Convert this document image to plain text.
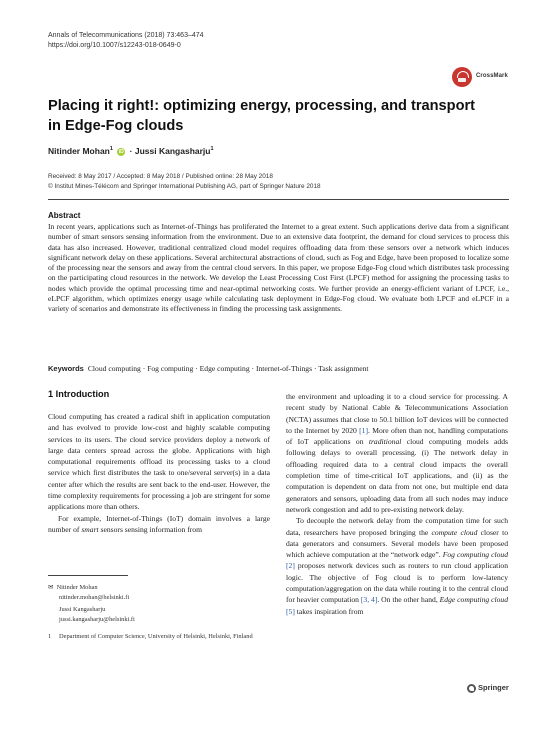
Annals of Telecommunications (2018) 73:463–474
https://doi.org/10.1007/s12243-018-0649-0
CrossMark
Placing it right!: optimizing energy, processing, and transport in Edge-Fog clouds
Nitinder Mohan$^1$ iD · Jussi Kangasharju$^1$
Received: 8 May 2017 / Accepted: 8 May 2018 / Published online: 28 May 2018
© Institut Mines-Télécom and Springer International Publishing AG, part of Springer Nature 2018
Abstract
In recent years, applications such as Internet-of-Things has proliferated the Internet to a great extent. Such applications derive data from a significant number of smart sensors sensing information from the environment. Due to an extensive data footprint, the demand for cloud services to process this data has also increased. However, traditional centralized cloud model requires offloading data from these sensors over a network which induces significant network delay on these applications. Several architectural abstractions of cloud, such as Fog and Edge, have been proposed to localize some of the processing near the sensors and away from the central cloud servers. In this paper, we propose Edge-Fog cloud which distributes task processing on the participating cloud resources in the network. We develop the Least Processing Cost First (LPCF) method for assigning the processing tasks to nodes which provide the optimal processing time and near-optimal networking costs. We further provide an energy-efficient variant of LPCF, i.e., eLPCF algorithm, which optimizes energy usage while calculating task deployment in Edge-Fog cloud. We evaluate both LPCF and eLPCF in a variety of scenarios and demonstrate its effectiveness in finding the processing task assignments.
Keywords Cloud computing · Fog computing · Edge computing · Internet-of-Things · Task assignment
1 Introduction

Cloud computing has created a radical shift in application computation and has evolved to provide low-cost and highly scalable computing services to its users. The cloud service providers deploy a network of large data centers spread across the globe. Applications with high computational requirements offload its processing tasks to a cloud service which first distributes the task to one/several server(s) in a data center after which the results are sent back to the end-user. However, the time complexity requirements for processing a job are stringent for some applications more than others.

For example, Internet-of-Things (IoT) domain involves a large number of smart sensors sensing information from

✉ Nitinder Mohan
nitinder.mohan@helsinki.fi
Jussi Kangasharju
jussi.kangasharju@helsinki.fi
1	Department of Computer Science, University of Helsinki, Helsinki, Finland

the environment and uploading it to a cloud service for processing. A recent study by National Cable & Telecommunications Association (NCTA) assumes that close to 50.1 billion IoT devices will be connected to the Internet by 2020 [1]. More often than not, handling computations of IoT applications on traditional cloud computing models adds following delays to overall processing. (i) The network delay in offloading required data to a central cloud impacts the overall completion time of time-critical IoT applications, and (ii) as the computation is dependent on data from not one, but multiple end data generators and sensors, uploading data from all such nodes may induce network congestion and add to pre-existing network delay.

To decouple the network delay from the computation time for such data, researchers have proposed bringing the compute cloud closer to data generators and consumers. Several models have been proposed which achieve computation at the “network edge”. Fog computing cloud [2] proposes network devices such as routers to run cloud application logic. The objective of Fog cloud is to perform low-latency computation/aggregation on the data while routing it to the central cloud for heavier computation [3, 4]. On the other hand, Edge computing cloud [5] takes inspiration from

Springer
